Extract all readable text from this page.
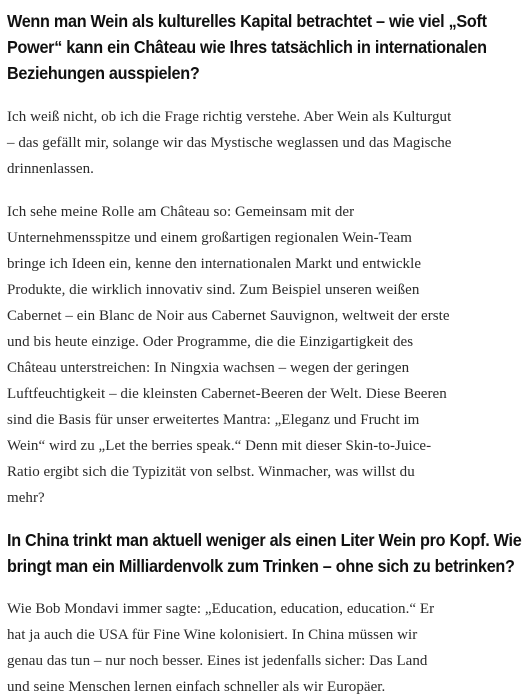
Wenn man Wein als kulturelles Kapital betrachtet – wie viel „Soft
Power“ kann ein Château wie Ihres tatsächlich in internationalen
Beziehungen ausspielen?

Ich weiß nicht, ob ich die Frage richtig verstehe. Aber Wein als Kulturgut
– das gefällt mir, solange wir das Mystische weglassen und das Magische
drinnenlassen.

Ich sehe meine Rolle am Château so: Gemeinsam mit der
Unternehmensspitze und einem großartigen regionalen Wein-Team
bringe ich Ideen ein, kenne den internationalen Markt und entwickle
Produkte, die wirklich innovativ sind. Zum Beispiel unseren weißen
Cabernet – ein Blanc de Noir aus Cabernet Sauvignon, weltweit der erste
und bis heute einzige. Oder Programme, die die Einzigartigkeit des
Château unterstreichen: In Ningxia wachsen – wegen der geringen
Luftfeuchtigkeit – die kleinsten Cabernet-Beeren der Welt. Diese Beeren
sind die Basis für unser erweitertes Mantra: „Eleganz und Frucht im
Wein“ wird zu „Let the berries speak.“ Denn mit dieser Skin-to-Juice-
Ratio ergibt sich die Typizität von selbst. Winmacher, was willst du
mehr?

In China trinkt man aktuell weniger als einen Liter Wein pro Kopf. Wie
bringt man ein Milliardenvolk zum Trinken – ohne sich zu betrinken?

Wie Bob Mondavi immer sagte: „Education, education, education.“ Er
hat ja auch die USA für Fine Wine kolonisiert. In China müssen wir
genau das tun – nur noch besser. Eines ist jedenfalls sicher: Das Land
und seine Menschen lernen einfach schneller als wir Europäer.
